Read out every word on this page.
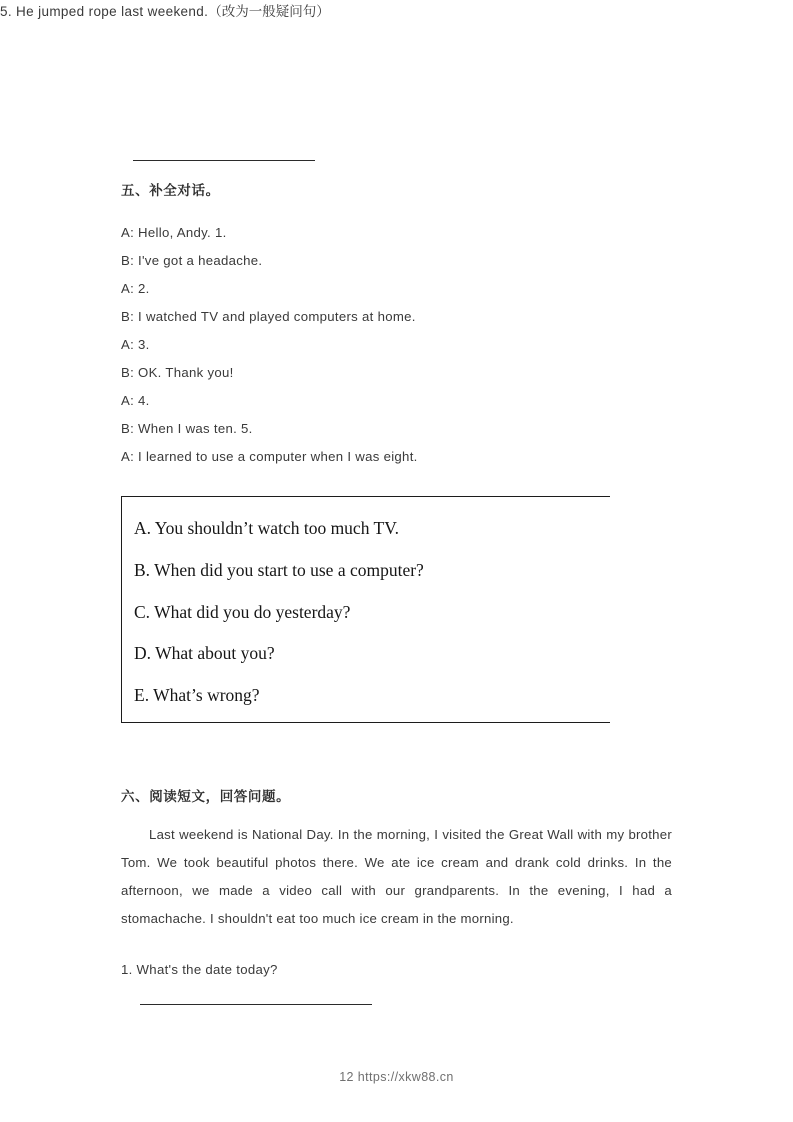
5. He jumped rope last weekend.（改为一般疑问句）
五、补全对话。
A: Hello, Andy. 1.
B: I've got a headache.
A: 2.
B: I watched TV and played computers at home.
A: 3.
B: OK. Thank you!
A: 4.
B: When I was ten. 5.
A: I learned to use a computer when I was eight.
A. You shouldn’t watch too much TV.
B. When did you start to use a computer?
C. What did you do yesterday?
D. What about you?
E. What’s wrong?
六、阅读短文，回答问题。
Last weekend is National Day. In the morning, I visited the Great Wall with my brother Tom. We took beautiful photos there. We ate ice cream and drank cold drinks. In the afternoon, we made a video call with our grandparents. In the evening, I had a stomachache. I shouldn't eat too much ice cream in the morning.
1. What's the date today?
12 https://xkw88.cn
